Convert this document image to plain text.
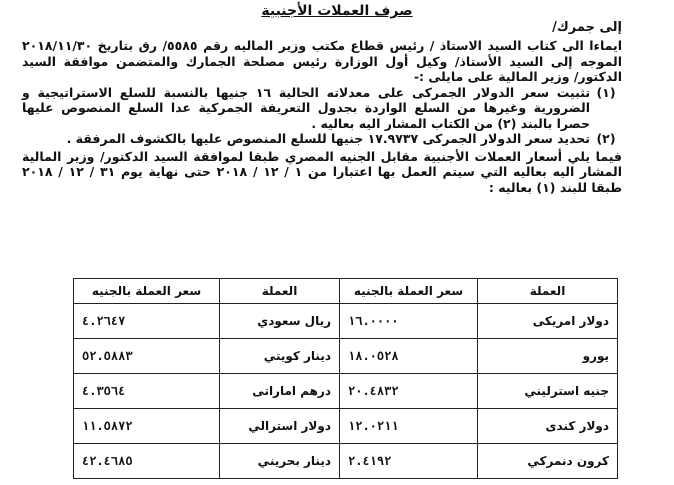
صرف العملات الأجنبية
إلى جمرك/

ايماءا الى كتاب السيد الاستاذ / رئيس قطاع مكتب وزير الماليه رقم ٥٥٨٥/ رق بتاريخ ٢٠١٨/١١/٣٠ الموجه إلى السيد الأستاذ/ وكيل أول الوزارة رئيس مصلحة الجمارك والمتضمن موافقة السيد الدكتور/ وزير المالية على مايلى :-

(١)
تثبيت سعر الدولار الجمركى على معدلاته الحالية ١٦ جنيها بالنسبة للسلع الاستراتيجية و الضرورية وغيرها من السلع الواردة بجدول التعريفة الجمركية عدا السلع المنصوص عليها حصرا بالبند (٢) من الكتاب المشار اليه بعاليه .
(٢)
تحديد سعر الدولار الجمركى ١٧.٩٧٣٧ جنيها للسلع المنصوص عليها بالكشوف المرفقة .

فيما يلي أسعار العملات الأجنبية مقابل الجنيه المصري طبقا لموافقة السيد الدكتور/ وزير المالية المشار اليه بعاليه التي سيتم العمل بها اعتبارا من ١ / ١٢ / ٢٠١٨ حتى نهاية يوم ٣١ / ١٢ / ٢٠١٨ طبقا للبند (١) بعاليه :

العملة	سعر العملة بالجنيه	العملة	سعر العملة بالجنيه
دولار امريكى	١٦.٠٠٠٠	ريال سعودي	٤.٢٦٤٧
يورو	١٨.٠٥٢٨	دينار كويتي	٥٢.٥٨٨٣
جنيه استرليني	٢٠.٤٨٣٢	درهم اماراتى	٤.٣٥٦٤
دولار كندى	١٢.٠٢١١	دولار استرالي	١١.٥٨٧٢
كرون دنمركي	٢.٤١٩٢	دينار بحريني	٤٢.٤٦٨٥
